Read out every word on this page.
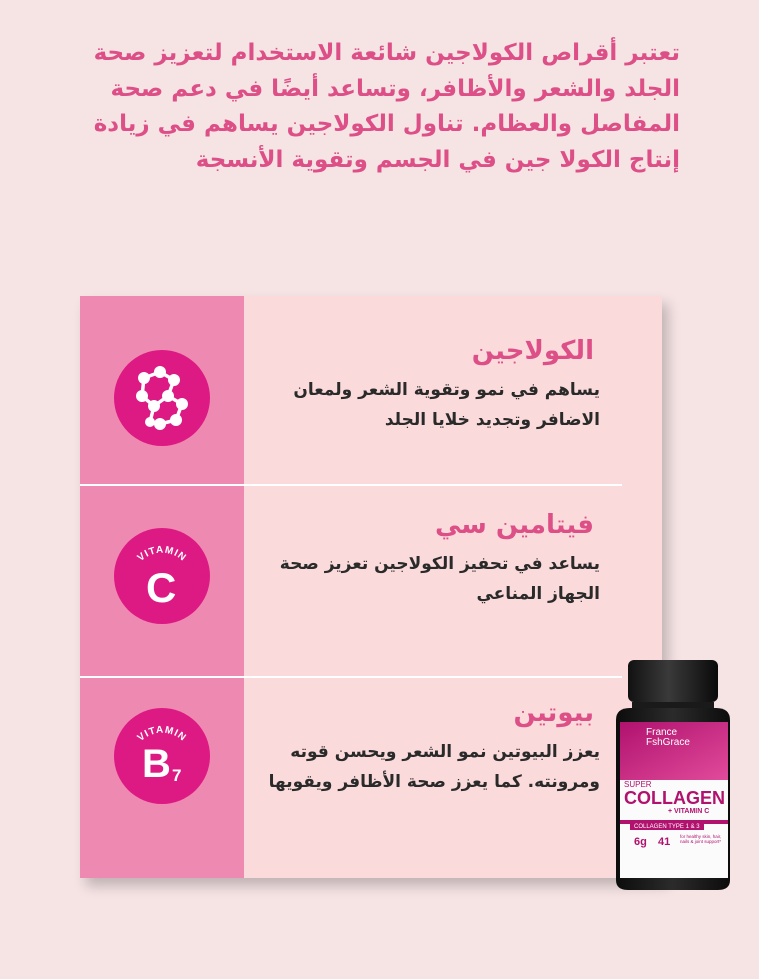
تعتبر أقراص الكولاجين شائعة الاستخدام لتعزيز صحة
الجلد والشعر والأظافر، وتساعد أيضًا في دعم صحة
المفاصل والعظام. تناول الكولاجين يساهم في زيادة
إنتاج الكولا جين في الجسم وتقوية الأنسجة
الكولاجين
يساهم في نمو وتقوية الشعر ولمعان
الاضافر وتجديد خلايا الجلد
VITAMIN
C
فيتامين سي
يساعد في تحفيز الكولاجين تعزيز صحة
الجهاز المناعي
VITAMIN
B 7
بيوتين
يعزز البيوتين نمو الشعر ويحسن قوته
ومرونته. كما يعزز صحة الأظافر ويقويها
France
FshGrace
SUPER
COLLAGEN
+ VITAMIN C
COLLAGEN TYPE 1 & 3
6g 41 for healthy skin, hair, nails & joint support*
